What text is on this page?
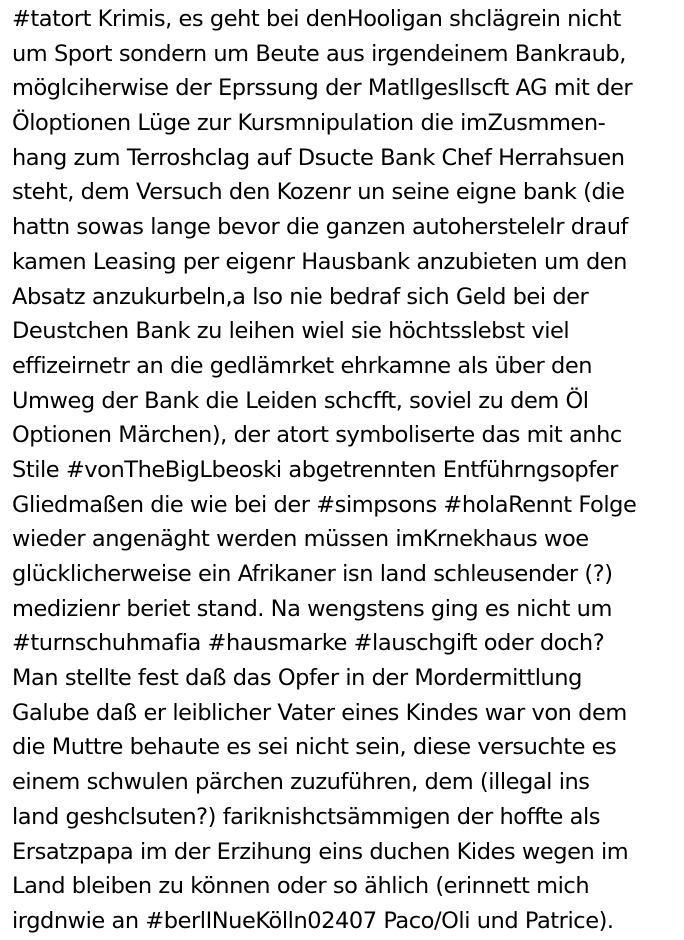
#tatort Krimis, es geht bei denHooligan shclägrein nicht
um Sport sondern um Beute aus irgendeinem Bankraub,
möglciherwise der Eprssung der Matllgesllscft AG mit der
Öloptionen Lüge zur Kursmnipulation die imZusmmen-
hang zum Terroshclag auf Dsucte Bank Chef Herrahsuen
steht, dem Versuch den Kozenr un seine eigne bank (die
hattn sowas lange bevor die ganzen autohersteleIr drauf
kamen Leasing per eigenr Hausbank anzubieten um den
Absatz anzukurbeln,a lso nie bedraf sich Geld bei der
Deustchen Bank zu leihen wiel sie höchtsslebst viel
effizeirnetr an die gedlämrket ehrkamne als über den
Umweg der Bank die Leiden schcfft, soviel zu dem Öl
Optionen Märchen), der atort symboliserte das mit anhc
Stile #vonTheBigLbeoski abgetrennten Entführngsopfer
Gliedmaßen die wie bei der #simpsons #holaRennt Folge
wieder angenäght werden müssen imKrnekhaus woe
glücklicherweise ein Afrikaner isn land schleusender (?)
medizienr beriet stand. Na wengstens ging es nicht um
#turnschuhmafia #hausmarke #lauschgift oder doch?
Man stellte fest daß das Opfer in der Mordermittlung
Galube daß er leiblicher Vater eines Kindes war von dem
die Muttre behaute es sei nicht sein, diese versuchte es
einem schwulen pärchen zuzuführen, dem (illegal ins
land geshclsuten?) fariknishctsämmigen der hoffte als
Ersatzpapa im der Erzihung eins duchen Kides wegen im
Land bleiben zu können oder so ählich (erinnett mich
irgdnwie an #berlINueKölln02407 Paco/Oli und Patrice).
